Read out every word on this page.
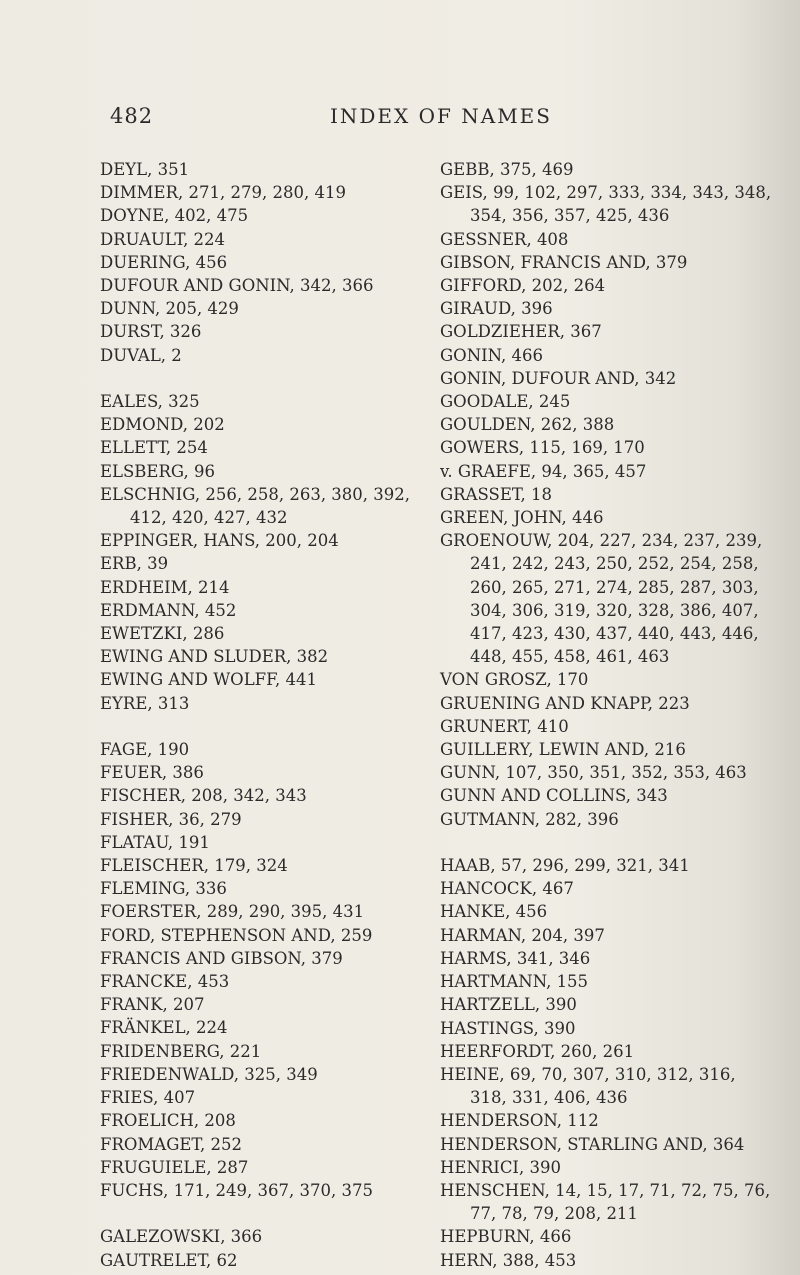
482	INDEX OF NAMES
DEYL, 351
DIMMER, 271, 279, 280, 419
DOYNE, 402, 475
DRUAULT, 224
DUERING, 456
DUFOUR AND GONIN, 342, 366
DUNN, 205, 429
DURST, 326
DUVAL, 2
EALES, 325
EDMOND, 202
ELLETT, 254
ELSBERG, 96
ELSCHNIG, 256, 258, 263, 380, 392, 412, 420, 427, 432
EPPINGER, HANS, 200, 204
ERB, 39
ERDHEIM, 214
ERDMANN, 452
EWETZKI, 286
EWING AND SLUDER, 382
EWING AND WOLFF, 441
EYRE, 313
FAGE, 190
FEUER, 386
FISCHER, 208, 342, 343
FISHER, 36, 279
FLATAU, 191
FLEISCHER, 179, 324
FLEMING, 336
FOERSTER, 289, 290, 395, 431
FORD, STEPHENSON AND, 259
FRANCIS AND GIBSON, 379
FRANCKE, 453
FRANK, 207
FRÄNKEL, 224
FRIDENBERG, 221
FRIEDENWALD, 325, 349
FRIES, 407
FROELICH, 208
FROMAGET, 252
FRUGUIELE, 287
FUCHS, 171, 249, 367, 370, 375
GALEZOWSKI, 366
GAUTRELET, 62
GEBB, 375, 469
GEIS, 99, 102, 297, 333, 334, 343, 348, 354, 356, 357, 425, 436
GESSNER, 408
GIBSON, FRANCIS AND, 379
GIFFORD, 202, 264
GIRAUD, 396
GOLDZIEHER, 367
GONIN, 466
GONIN, DUFOUR AND, 342
GOODALE, 245
GOULDEN, 262, 388
GOWERS, 115, 169, 170
v. GRAEFE, 94, 365, 457
GRASSET, 18
GREEN, JOHN, 446
GROENOUW, 204, 227, 234, 237, 239, 241, 242, 243, 250, 252, 254, 258, 260, 265, 271, 274, 285, 287, 303, 304, 306, 319, 320, 328, 386, 407, 417, 423, 430, 437, 440, 443, 446, 448, 455, 458, 461, 463
VON GROSZ, 170
GRUENING AND KNAPP, 223
GRUNERT, 410
GUILLERY, LEWIN AND, 216
GUNN, 107, 350, 351, 352, 353, 463
GUNN AND COLLINS, 343
GUTMANN, 282, 396
HAAB, 57, 296, 299, 321, 341
HANCOCK, 467
HANKE, 456
HARMAN, 204, 397
HARMS, 341, 346
HARTMANN, 155
HARTZELL, 390
HASTINGS, 390
HEERFORDT, 260, 261
HEINE, 69, 70, 307, 310, 312, 316, 318, 331, 406, 436
HENDERSON, 112
HENDERSON, STARLING AND, 364
HENRICI, 390
HENSCHEN, 14, 15, 17, 71, 72, 75, 76, 77, 78, 79, 208, 211
HEPBURN, 466
HERN, 388, 453
